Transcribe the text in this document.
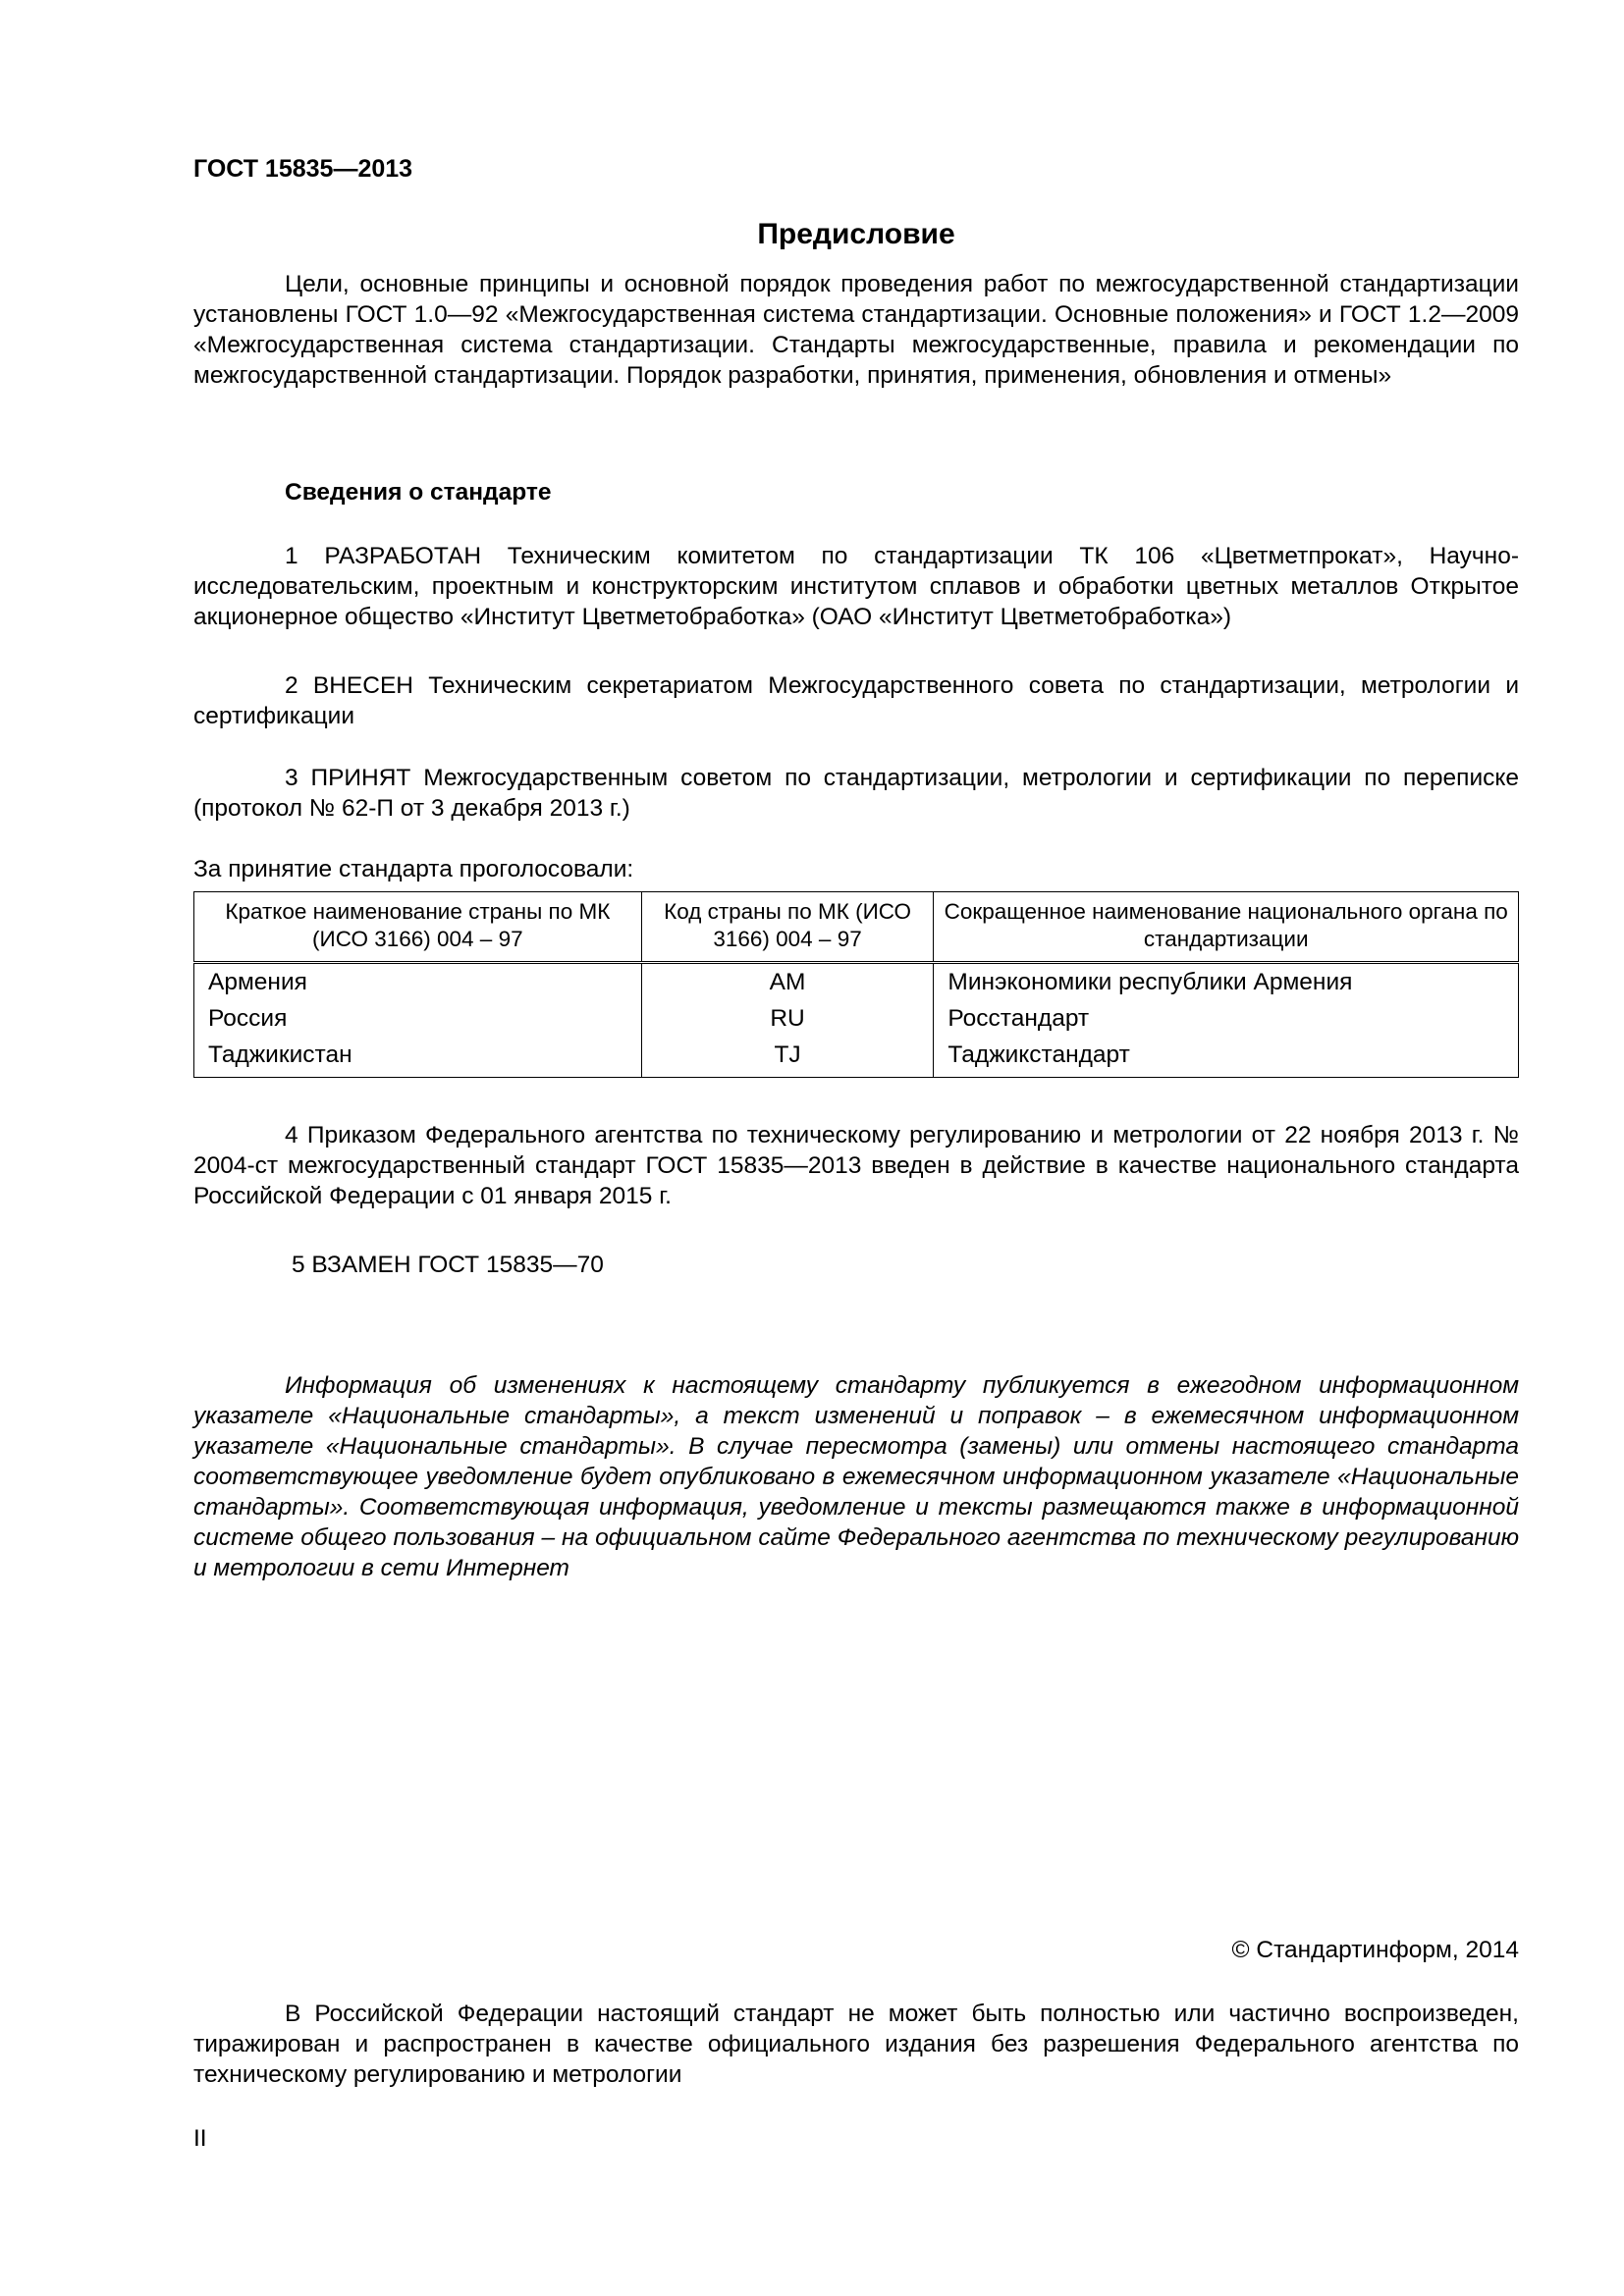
ГОСТ 15835—2013
Предисловие

Цели, основные принципы и основной порядок проведения работ по межгосударственной стандартизации установлены ГОСТ 1.0—92 «Межгосударственная система стандартизации. Основные положения» и ГОСТ 1.2—2009 «Межгосударственная система стандартизации. Стандарты межгосударственные, правила и рекомендации по межгосударственной стандартизации. Порядок разработки, принятия, применения, обновления и отмены»

Сведения о стандарте

1 РАЗРАБОТАН Техническим комитетом по стандартизации ТК 106 «Цветметпрокат», Научно-исследовательским, проектным и конструкторским институтом сплавов и обработки цветных металлов Открытое акционерное общество «Институт Цветметобработка» (ОАО «Институт Цветметобработка»)

2 ВНЕСЕН Техническим секретариатом Межгосударственного совета по стандартизации, метрологии и сертификации

3 ПРИНЯТ Межгосударственным советом по стандартизации, метрологии и сертификации по переписке (протокол № 62-П от 3 декабря 2013 г.)

За принятие стандарта проголосовали:
Краткое наименование страны по МК (ИСО 3166) 004 – 97	Код страны по МК (ИСО 3166) 004 – 97	Сокращенное наименование национального органа по стандартизации
Армения	AM	Минэкономики республики Армения
Россия	RU	Росстандарт
Таджикистан	TJ	Таджикстандарт

4 Приказом Федерального агентства по техническому регулированию и метрологии от 22 ноября 2013 г. № 2004-ст межгосударственный стандарт ГОСТ 15835—2013 введен в действие в качестве национального стандарта Российской Федерации с 01 января 2015 г.

5 ВЗАМЕН ГОСТ 15835—70

Информация об изменениях к настоящему стандарту публикуется в ежегодном информационном указателе «Национальные стандарты», а текст изменений и поправок – в ежемесячном информационном указателе «Национальные стандарты». В случае пересмотра (замены) или отмены настоящего стандарта соответствующее уведомление будет опубликовано в ежемесячном информационном указателе «Национальные стандарты». Соответствующая информация, уведомление и тексты размещаются также в информационной системе общего пользования – на официальном сайте Федерального агентства по техническому регулированию и метрологии в сети Интернет

© Стандартинформ, 2014

В Российской Федерации настоящий стандарт не может быть полностью или частично воспроизведен, тиражирован и распространен в качестве официального издания без разрешения Федерального агентства по техническому регулированию и метрологии

II
